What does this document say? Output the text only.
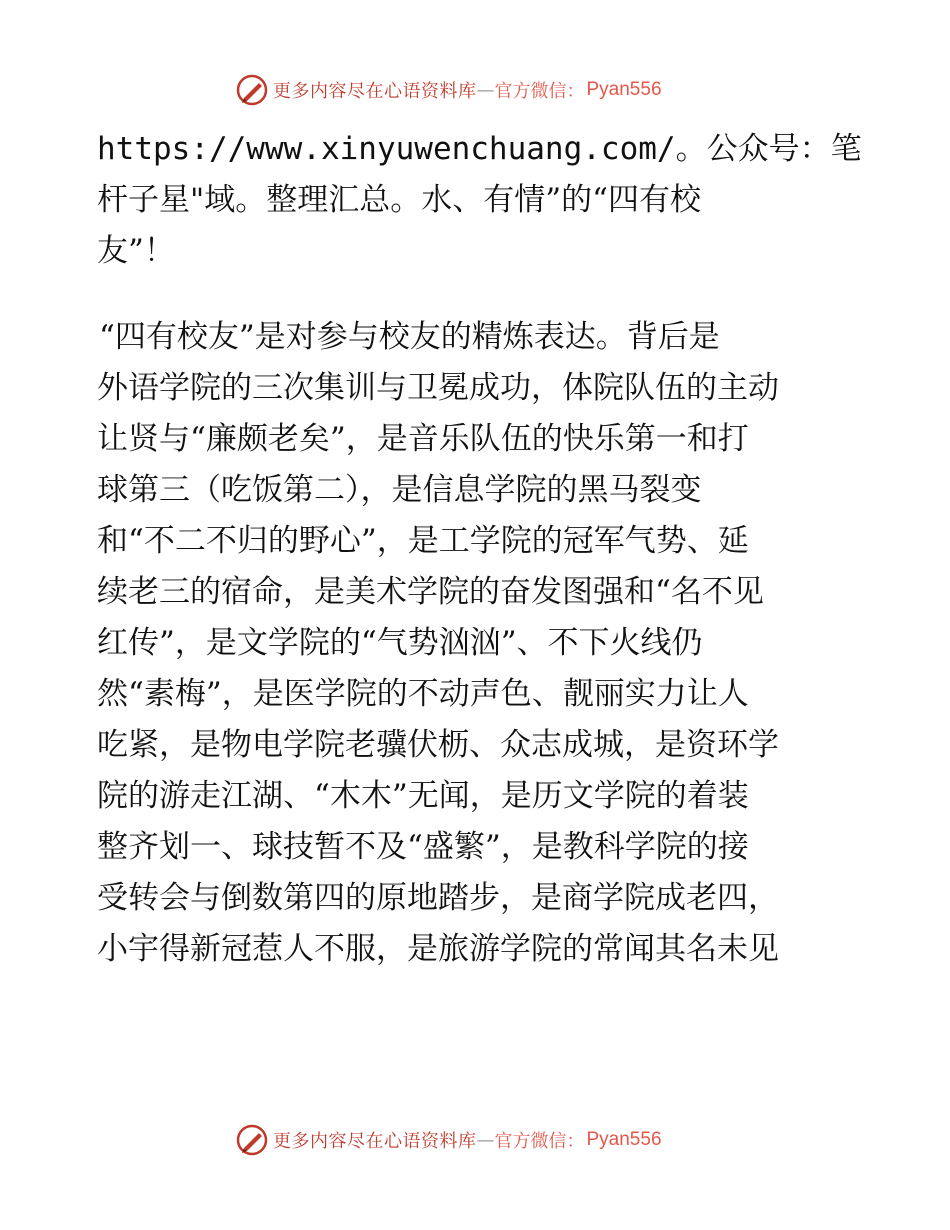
更多内容尽在心语资料库 — 官方微信： Pyan556
https://www.xinyuwenchuang.com/。公众号：笔
杆子星"域。整理汇总。水、有情”的“四有校
友”！
“四有校友”是对参与校友的精炼表达。背后是
外语学院的三次集训与卫冕成功，体院队伍的主动
让贤与“廉颇老矣”，是音乐队伍的快乐第一和打
球第三（吃饭第二），是信息学院的黑马裂变
和“不二不归的野心”，是工学院的冠军气势、延
续老三的宿命，是美术学院的奋发图强和“名不见
红传”，是文学院的“气势汹汹”、不下火线仍
然“素梅”，是医学院的不动声色、靓丽实力让人
吃紧，是物电学院老骥伏枥、众志成城，是资环学
院的游走江湖、“木木”无闻，是历文学院的着装
整齐划一、球技暂不及“盛繁”，是教科学院的接
受转会与倒数第四的原地踏步，是商学院成老四，
小宇得新冠惹人不服，是旅游学院的常闻其名未见
更多内容尽在心语资料库 — 官方微信： Pyan556
